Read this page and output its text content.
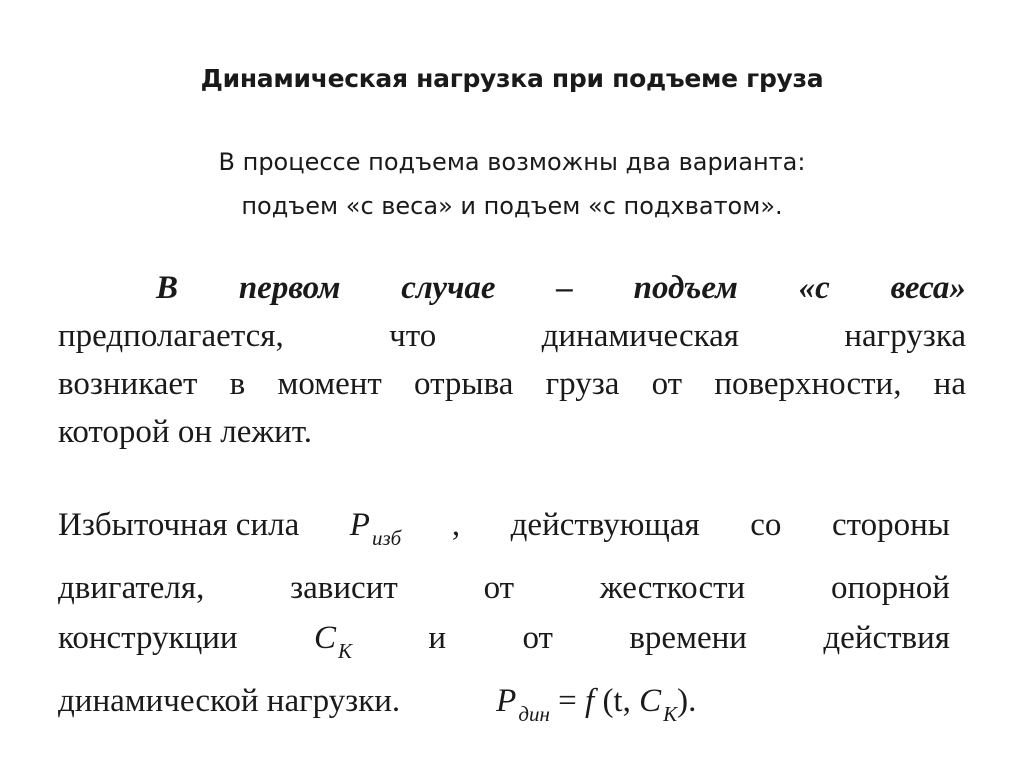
Динамическая нагрузка при подъеме груза
В процессе подъема возможны два варианта:
подъем «с веса» и подъем «с подхватом».
В первом случае – подъем «с веса»
предполагается,	что	динамическая	нагрузка
возникает в момент отрыва груза от поверхности, на
которой он лежит.
Избыточная сила $P_{изб}$ , действующая со стороны
двигателя,	зависит	от	жесткости	опорной
конструкции $C_К$ и от времени действия
динамической нагрузки.	$P_{дин} = f$ (t, $C_К$).
